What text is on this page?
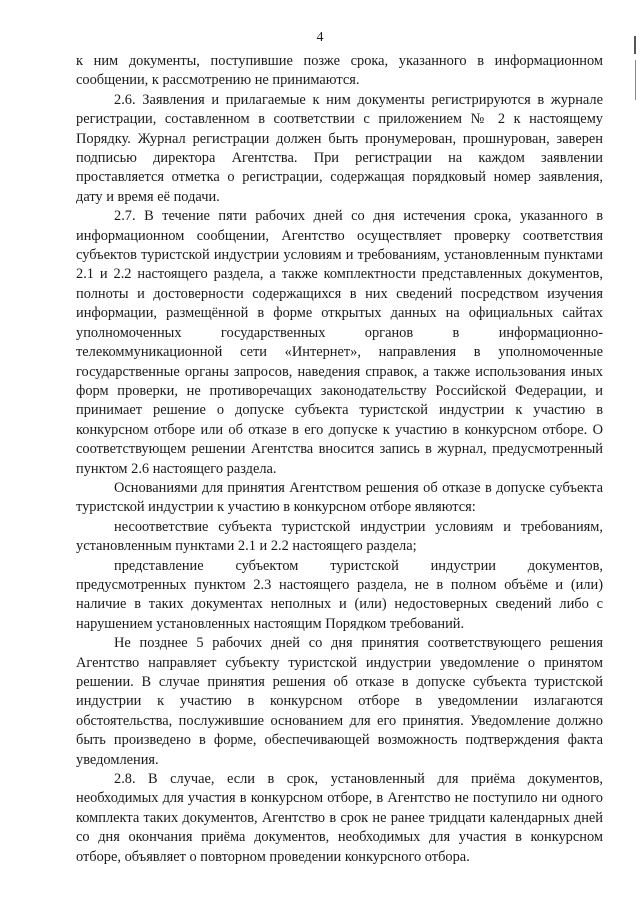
4

к ним документы, поступившие позже срока, указанного в информационном сообщении, к рассмотрению не принимаются.

2.6. Заявления и прилагаемые к ним документы регистрируются в журнале регистрации, составленном в соответствии с приложением № 2 к настоящему Порядку. Журнал регистрации должен быть пронумерован, прошнурован, заверен подписью директора Агентства. При регистрации на каждом заявлении проставляется отметка о регистрации, содержащая порядковый номер заявления, дату и время её подачи.

2.7. В течение пяти рабочих дней со дня истечения срока, указанного в информационном сообщении, Агентство осуществляет проверку соответствия субъектов туристской индустрии условиям и требованиям, установленным пунктами 2.1 и 2.2 настоящего раздела, а также комплектности представленных документов, полноты и достоверности содержащихся в них сведений посредством изучения информации, размещённой в форме открытых данных на официальных сайтах уполномоченных государственных органов в информационно-телекоммуникационной сети «Интернет», направления в уполномоченные государственные органы запросов, наведения справок, а также использования иных форм проверки, не противоречащих законодательству Российской Федерации, и принимает решение о допуске субъекта туристской индустрии к участию в конкурсном отборе или об отказе в его допуске к участию в конкурсном отборе. О соответствующем решении Агентства вносится запись в журнал, предусмотренный пунктом 2.6 настоящего раздела.

Основаниями для принятия Агентством решения об отказе в допуске субъекта туристской индустрии к участию в конкурсном отборе являются:

несоответствие субъекта туристской индустрии условиям и требованиям, установленным пунктами 2.1 и 2.2 настоящего раздела;

представление субъектом туристской индустрии документов, предусмотренных пунктом 2.3 настоящего раздела, не в полном объёме и (или) наличие в таких документах неполных и (или) недостоверных сведений либо с нарушением установленных настоящим Порядком требований.

Не позднее 5 рабочих дней со дня принятия соответствующего решения Агентство направляет субъекту туристской индустрии уведомление о принятом решении. В случае принятия решения об отказе в допуске субъекта туристской индустрии к участию в конкурсном отборе в уведомлении излагаются обстоятельства, послужившие основанием для его принятия. Уведомление должно быть произведено в форме, обеспечивающей возможность подтверждения факта уведомления.

2.8. В случае, если в срок, установленный для приёма документов, необходимых для участия в конкурсном отборе, в Агентство не поступило ни одного комплекта таких документов, Агентство в срок не ранее тридцати календарных дней со дня окончания приёма документов, необходимых для участия в конкурсном отборе, объявляет о повторном проведении конкурсного отбора.
